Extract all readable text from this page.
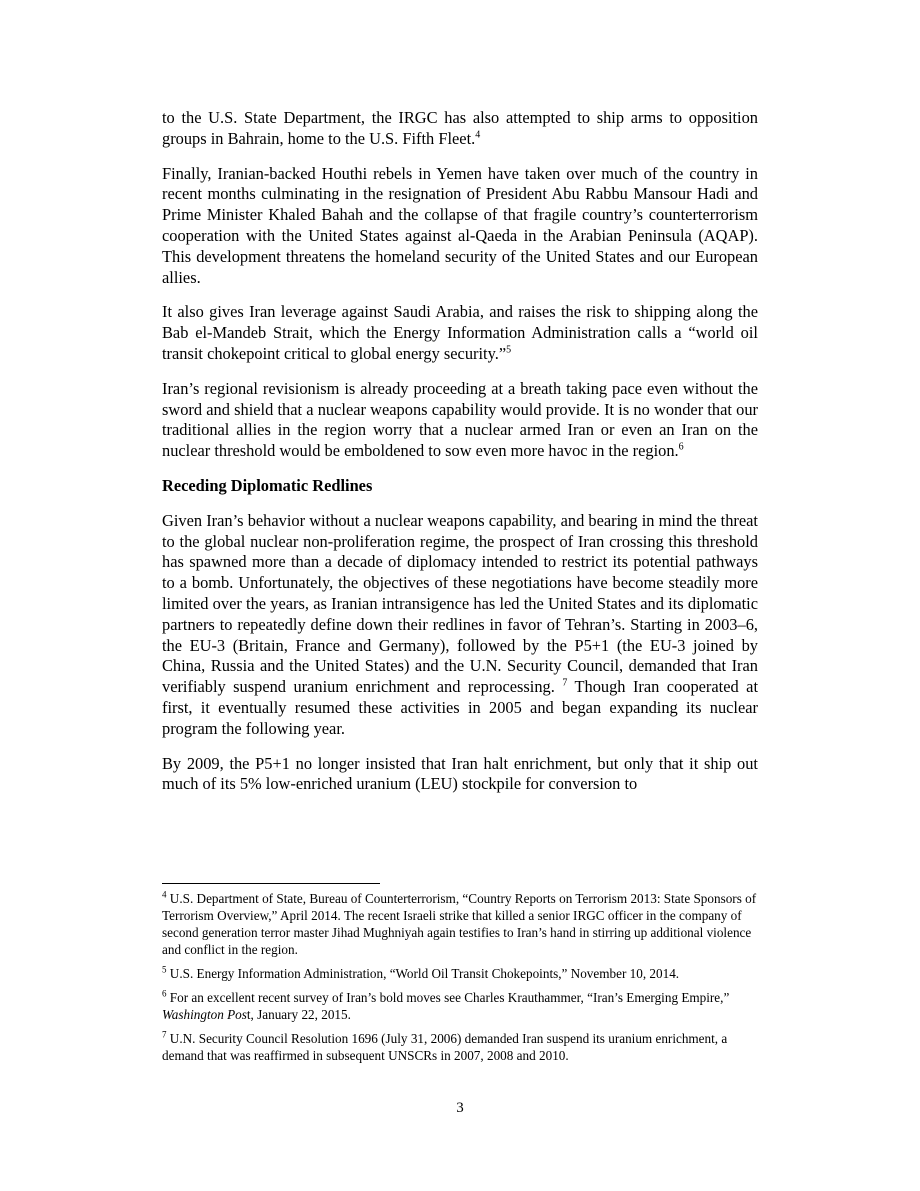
to the U.S. State Department, the IRGC has also attempted to ship arms to opposition groups in Bahrain, home to the U.S. Fifth Fleet.$^4$

Finally, Iranian-backed Houthi rebels in Yemen have taken over much of the country in recent months culminating in the resignation of President Abu Rabbu Mansour Hadi and Prime Minister Khaled Bahah and the collapse of that fragile country’s counterterrorism cooperation with the United States against al-Qaeda in the Arabian Peninsula (AQAP). This development threatens the homeland security of the United States and our European allies.

It also gives Iran leverage against Saudi Arabia, and raises the risk to shipping along the Bab el-Mandeb Strait, which the Energy Information Administration calls a “world oil transit chokepoint critical to global energy security.”$^5$

Iran’s regional revisionism is already proceeding at a breath taking pace even without the sword and shield that a nuclear weapons capability would provide. It is no wonder that our traditional allies in the region worry that a nuclear armed Iran or even an Iran on the nuclear threshold would be emboldened to sow even more havoc in the region.$^6$

Receding Diplomatic Redlines

Given Iran’s behavior without a nuclear weapons capability, and bearing in mind the threat to the global nuclear non-proliferation regime, the prospect of Iran crossing this threshold has spawned more than a decade of diplomacy intended to restrict its potential pathways to a bomb. Unfortunately, the objectives of these negotiations have become steadily more limited over the years, as Iranian intransigence has led the United States and its diplomatic partners to repeatedly define down their redlines in favor of Tehran’s. Starting in 2003–6, the EU-3 (Britain, France and Germany), followed by the P5+1 (the EU-3 joined by China, Russia and the United States) and the U.N. Security Council, demanded that Iran verifiably suspend uranium enrichment and reprocessing. $^7$ Though Iran cooperated at first, it eventually resumed these activities in 2005 and began expanding its nuclear program the following year.

By 2009, the P5+1 no longer insisted that Iran halt enrichment, but only that it ship out much of its 5% low-enriched uranium (LEU) stockpile for conversion to

$^4$ U.S. Department of State, Bureau of Counterterrorism, “Country Reports on Terrorism 2013: State Sponsors of Terrorism Overview,” April 2014. The recent Israeli strike that killed a senior IRGC officer in the company of second generation terror master Jihad Mughniyah again testifies to Iran’s hand in stirring up additional violence and conflict in the region.

$^5$ U.S. Energy Information Administration, “World Oil Transit Chokepoints,” November 10, 2014.

$^6$ For an excellent recent survey of Iran’s bold moves see Charles Krauthammer, “Iran’s Emerging Empire,” Washington Post, January 22, 2015.

$^7$ U.N. Security Council Resolution 1696 (July 31, 2006) demanded Iran suspend its uranium enrichment, a demand that was reaffirmed in subsequent UNSCRs in 2007, 2008 and 2010.

3
